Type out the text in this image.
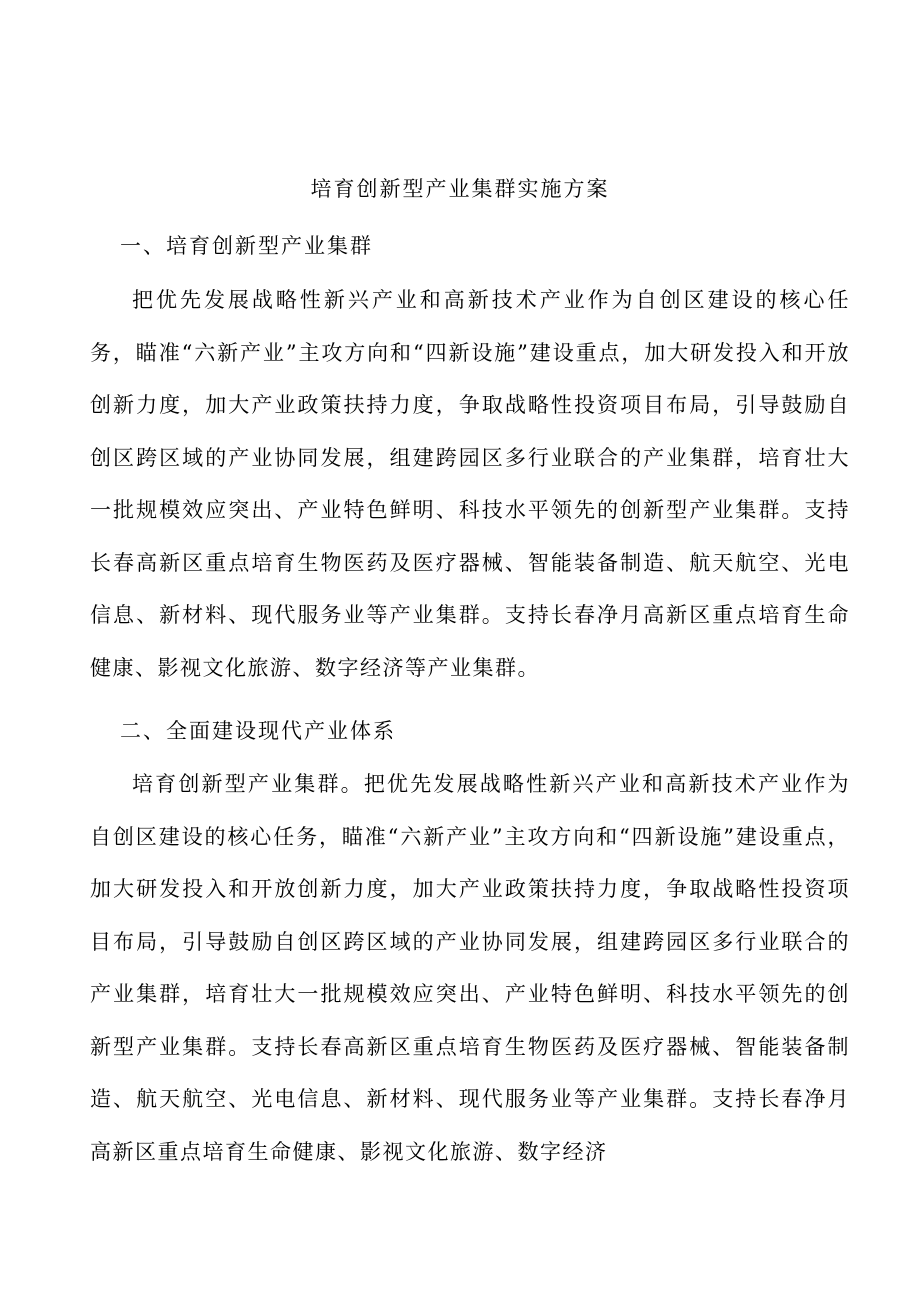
培育创新型产业集群实施方案
一、培育创新型产业集群

把优先发展战略性新兴产业和高新技术产业作为自创区建设的核心任务，瞄准“六新产业”主攻方向和“四新设施”建设重点，加大研发投入和开放创新力度，加大产业政策扶持力度，争取战略性投资项目布局，引导鼓励自创区跨区域的产业协同发展，组建跨园区多行业联合的产业集群，培育壮大一批规模效应突出、产业特色鲜明、科技水平领先的创新型产业集群。支持长春高新区重点培育生物医药及医疗器械、智能装备制造、航天航空、光电信息、新材料、现代服务业等产业集群。支持长春净月高新区重点培育生命健康、影视文化旅游、数字经济等产业集群。

二、全面建设现代产业体系

培育创新型产业集群。把优先发展战略性新兴产业和高新技术产业作为自创区建设的核心任务，瞄准“六新产业”主攻方向和“四新设施”建设重点，加大研发投入和开放创新力度，加大产业政策扶持力度，争取战略性投资项目布局，引导鼓励自创区跨区域的产业协同发展，组建跨园区多行业联合的产业集群，培育壮大一批规模效应突出、产业特色鲜明、科技水平领先的创新型产业集群。支持长春高新区重点培育生物医药及医疗器械、智能装备制造、航天航空、光电信息、新材料、现代服务业等产业集群。支持长春净月高新区重点培育生命健康、影视文化旅游、数字经济
